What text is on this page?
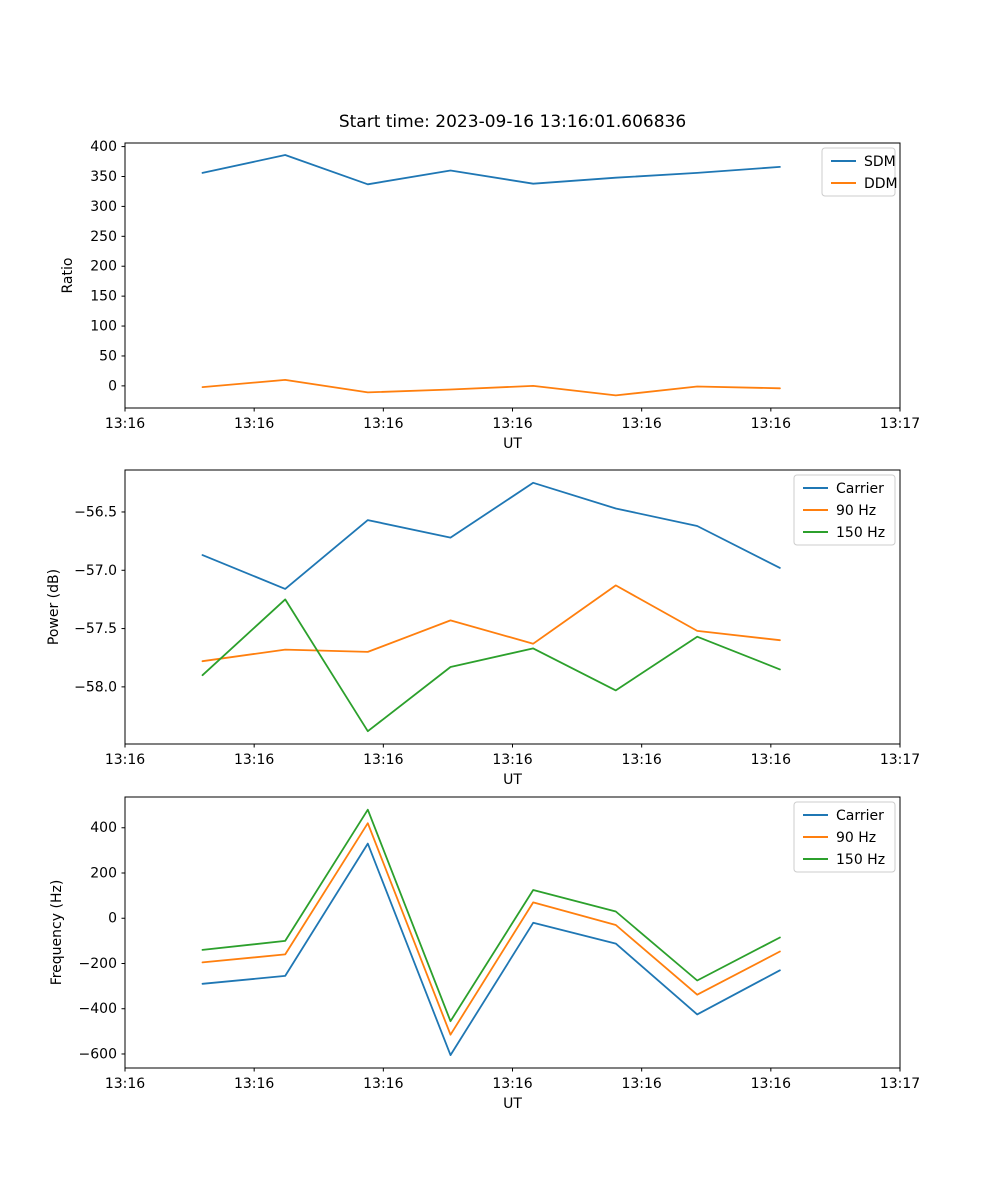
Start time: 2023-09-16 13:16:01.606836
13:16	13:16	13:16	13:16	13:16	13:16	13:17
0
50
100
150
200
250
300
350
400
UT
Ratio
SDM
DDM
13:16	13:16	13:16	13:16	13:16	13:16	13:17
−56.5
−57.0
−57.5
−58.0
UT
Power (dB)
Carrier
90 Hz
150 Hz
13:16	13:16	13:16	13:16	13:16	13:16	13:17
−600
−400
−200
0
200
400
UT
Frequency (Hz)
Carrier
90 Hz
150 Hz
